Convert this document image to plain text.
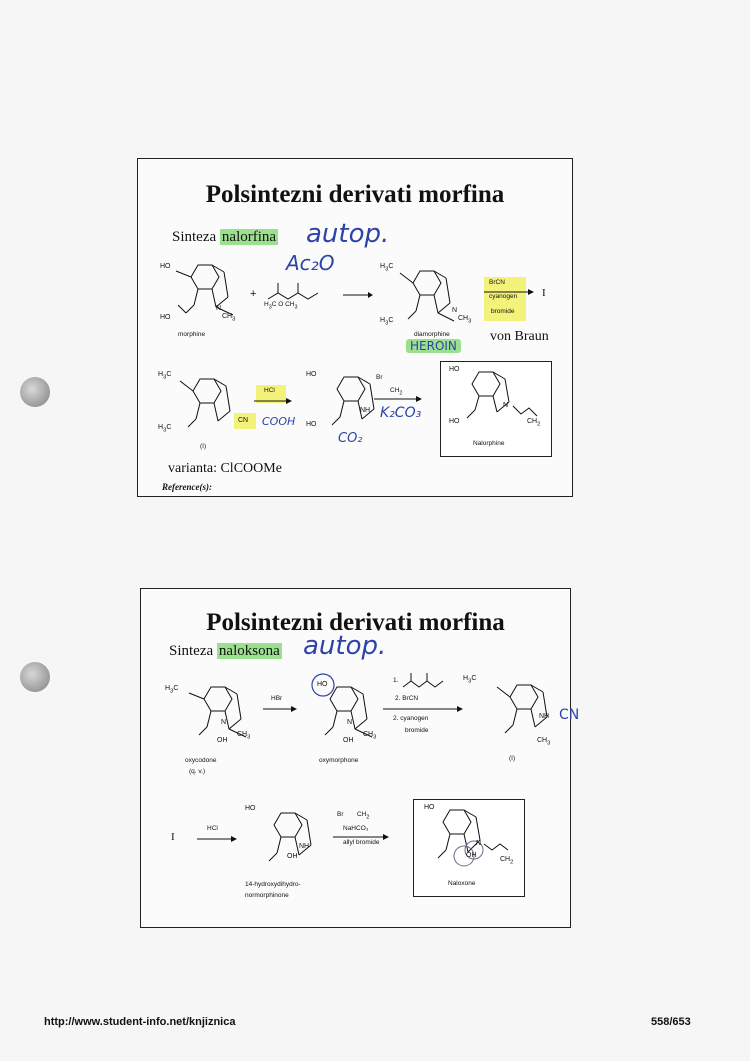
Polsintezni derivati morfina
Sinteza nalorfina autop.
Ac₂O
HO
HO
N
$CH_3$
morphine
+
$H_3C$ O $CH_3$
$H_3C$
$H_3C$
N
$CH_3$
diamorphine
HEROIN
BrCN
cyanogen
bromide
I
von Braun
$H_3C$
$H_3C$
CN
(I)
HCl
COOH
CO₂
HO
HO
NH
Br
$CH_2$
K₂CO₃
HO
HO
N
$CH_2$
Nalorphine
varianta: ClCOOMe
Reference(s):
Polsintezni derivati morfina
Sinteza naloksona autop.
$H_3C$
N
OH
$CH_3$
oxycodone
(q. v.)
HBr
HO
N
OH
$CH_3$
oxymorphone
1.
2. BrCN
2. cyanogen
bromide
$H_3C$
NH CN
$CH_3$
(I)
I
HCl
HO
NH
OH
14-hydroxydihydro-
normorphinone
Br $CH_2$
NaHCO₃
allyl bromide
HO
N
OH
$CH_2$
Naloxone
http://www.student-info.net/knjiznica	558/653
